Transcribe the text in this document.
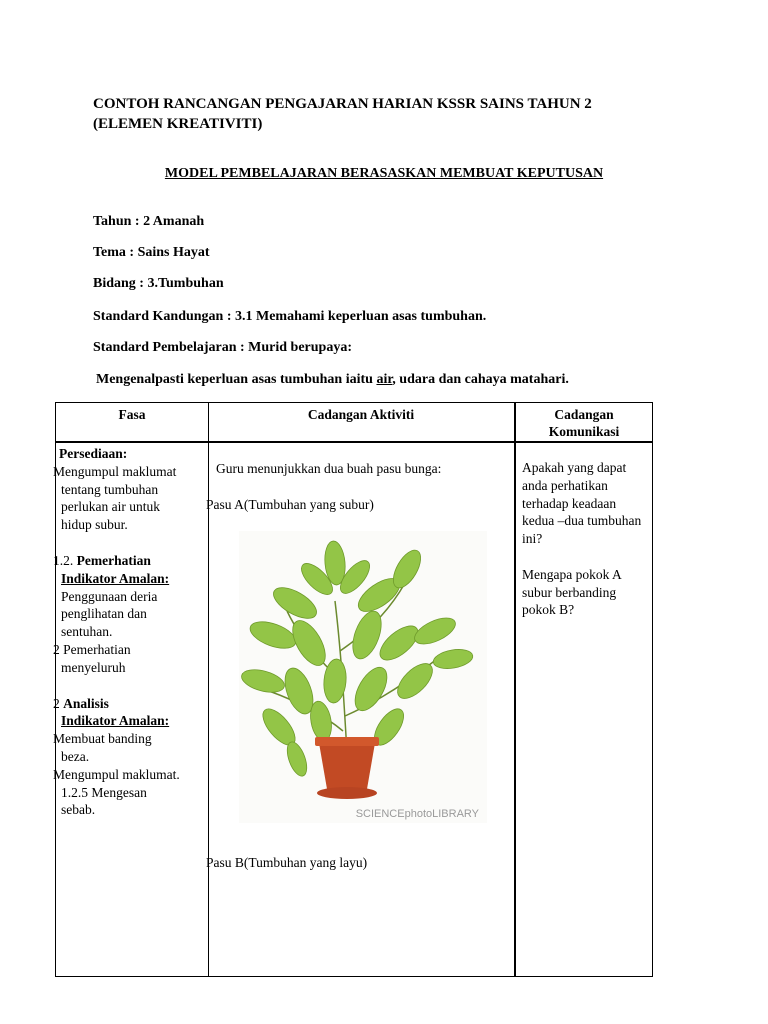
CONTOH RANCANGAN PENGAJARAN HARIAN KSSR SAINS TAHUN 2
(ELEMEN KREATIVITI)
MODEL PEMBELAJARAN BERASASKAN MEMBUAT KEPUTUSAN
Tahun : 2 Amanah
Tema : Sains Hayat
Bidang : 3.Tumbuhan
Standard Kandungan : 3.1 Memahami keperluan asas tumbuhan.
Standard Pembelajaran : Murid berupaya:
Mengenalpasti keperluan asas tumbuhan iaitu air, udara dan cahaya matahari.
Fasa	Cadangan Aktiviti	Cadangan
Komunikasi
Persediaan:
Mengumpul maklumat
tentang tumbuhan
perlukan air untuk
hidup subur.
1.2. Pemerhatian
Indikator Amalan:
Penggunaan deria
penglihatan dan
sentuhan.
2 Pemerhatian
menyeluruh
2 Analisis
Indikator Amalan:
Membuat banding
beza.
Mengumpul maklumat.
1.2.5 Mengesan
sebab.
Guru menunjukkan dua buah pasu bunga:
Pasu A(Tumbuhan yang subur)
SCIENCEphotoLIBRARY
Pasu B(Tumbuhan yang layu)

Apakah yang dapat anda perhatikan terhadap keadaan kedua –dua tumbuhan ini?

Mengapa pokok A subur berbanding pokok B?
